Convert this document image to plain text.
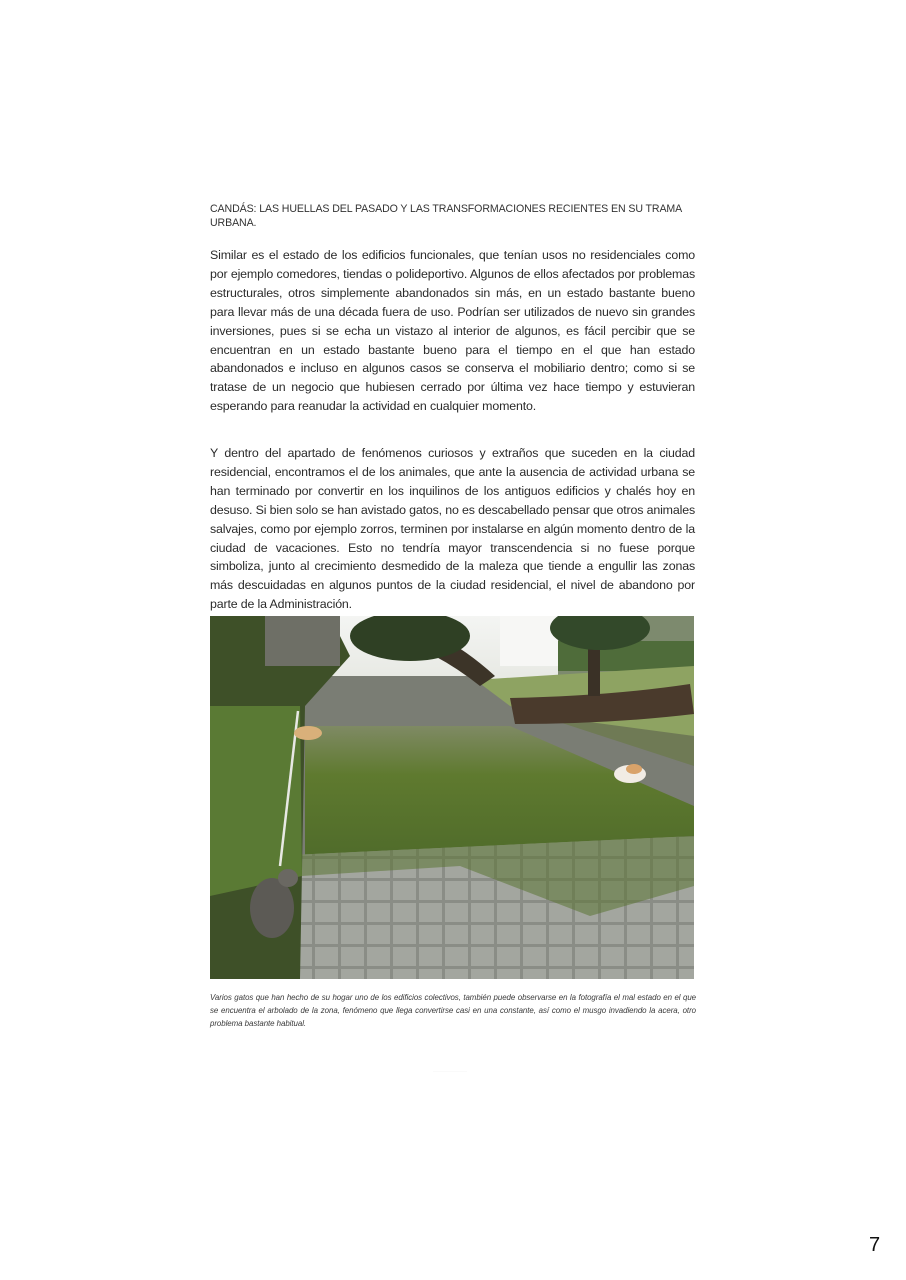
CANDÁS: LAS HUELLAS DEL PASADO Y LAS TRANSFORMACIONES RECIENTES EN SU TRAMA URBANA.

Similar es el estado de los edificios funcionales, que tenían usos no residenciales como por ejemplo comedores, tiendas o polideportivo. Algunos de ellos afectados por problemas estructurales, otros simplemente abandonados sin más, en un estado bastante bueno para llevar más de una década fuera de uso. Podrían ser utilizados de nuevo sin grandes inversiones, pues si se echa un vistazo al interior de algunos, es fácil percibir que se encuentran en un estado bastante bueno para el tiempo en el que han estado abandonados e incluso en algunos casos se conserva el mobiliario dentro; como si se tratase de un negocio que hubiesen cerrado por última vez hace tiempo y estuvieran esperando para reanudar la actividad en cualquier momento.

Y dentro del apartado de fenómenos curiosos y extraños que suceden en la ciudad residencial, encontramos el de los animales, que ante la ausencia de actividad urbana se han terminado por convertir en los inquilinos de los antiguos edificios y chalés hoy en desuso. Si bien solo se han avistado gatos, no es descabellado pensar que otros animales salvajes, como por ejemplo zorros, terminen por instalarse en algún momento dentro de la ciudad de vacaciones. Esto no tendría mayor transcendencia si no fuese porque simboliza, junto al crecimiento desmedido de la maleza que tiende a engullir las zonas más descuidadas en algunos puntos de la ciudad residencial, el nivel de abandono por parte de la Administración.

Varios gatos que han hecho de su hogar uno de los edificios colectivos, también puede observarse en la fotografía el mal estado en el que se encuentra el arbolado de la zona, fenómeno que llega convertirse casi en una constante, así como el musgo invadiendo la acera, otro problema bastante habitual.
7
